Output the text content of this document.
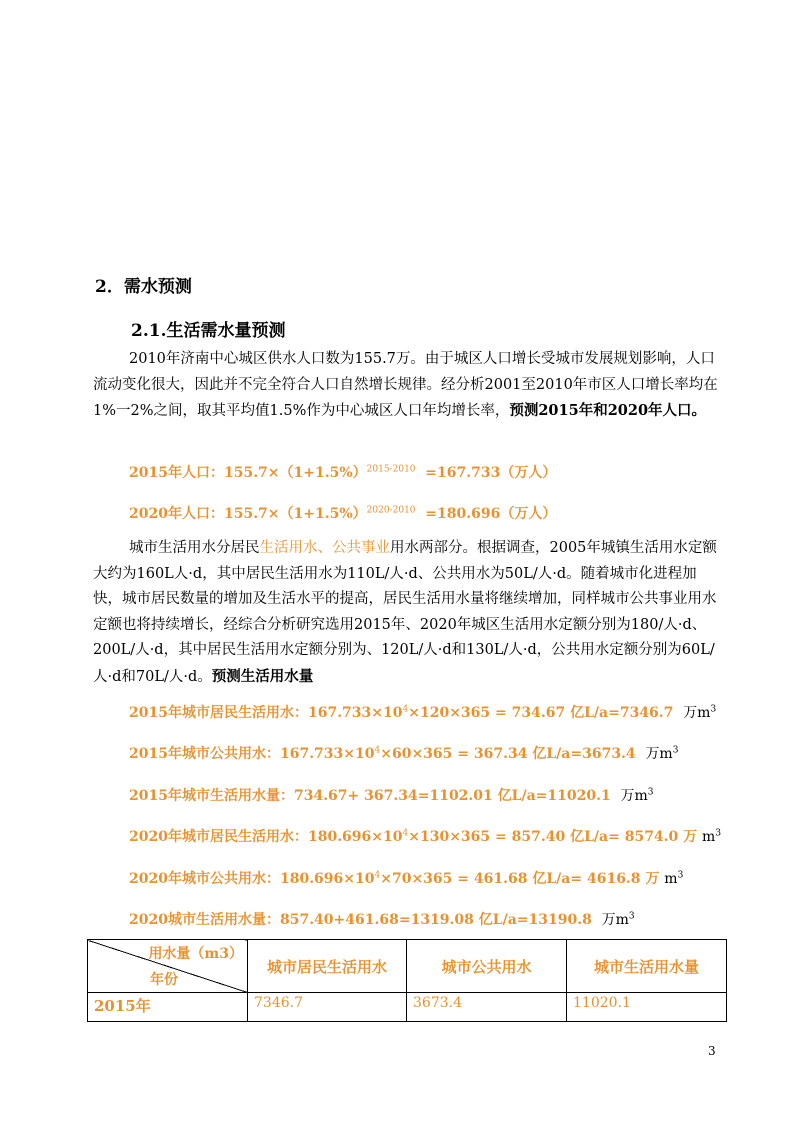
2．需水预测
2.1.生活需水量预测

2010年济南中心城区供水人口数为155.7万。由于城区人口增长受城市发展规划影响，人口流动变化很大，因此并不完全符合人口自然增长规律。经分析2001至2010年市区人口增长率均在1%一2%之间，取其平均值1.5%作为中心城区人口年均增长率，预测2015年和2020年人口。

2015年人口：$155.7\times(1+1.5\%)^{2015-2010} =167.733$（万人）
2020年人口：$155.7\times(1+1.5\%)^{2020-2010} =180.696$（万人）

城市生活用水分居民生活用水、公共事业用水两部分。根据调查，2005年城镇生活用水定额大约为160L人·d，其中居民生活用水为110L/人·d、公共用水为50L/人·d。随着城市化进程加快，城市居民数量的增加及生活水平的提高，居民生活用水量将继续增加，同样城市公共事业用水定额也将持续增长，经综合分析研究选用2015年、2020年城区生活用水定额分别为180/人·d、200L/人·d，其中居民生活用水定额分别为、120L/人·d和130L/人·d，公共用水定额分别为60L/人·d和70L/人·d。预测生活用水量

2015年城市居民生活用水：$167.733\times 10^4\times 120\times 365 = 734.67$ 亿L/a=7346.7 万$m^3$
2015年城市公共用水：$167.733\times 10^4\times 60\times 365 = 367.34$ 亿L/a=3673.4 万$m^3$
2015年城市生活用水量：734.67+ 367.34=1102.01 亿L/a=11020.1 万$m^3$
2020年城市居民生活用水：$180.696\times 10^4\times 130\times 365 = 857.40$ 亿L/a= 8574.0 万 $m^3$
2020年城市公共用水：$180.696\times 10^4\times 70\times 365 = 461.68$ 亿L/a= 4616.8 万 $m^3$
2020城市生活用水量：857.40+461.68=1319.08 亿L/a=13190.8 万$m^3$
用水量（m3）
年份	城市居民生活用水	城市公共用水	城市生活用水量
2015年	7346.7	3673.4	11020.1
3
